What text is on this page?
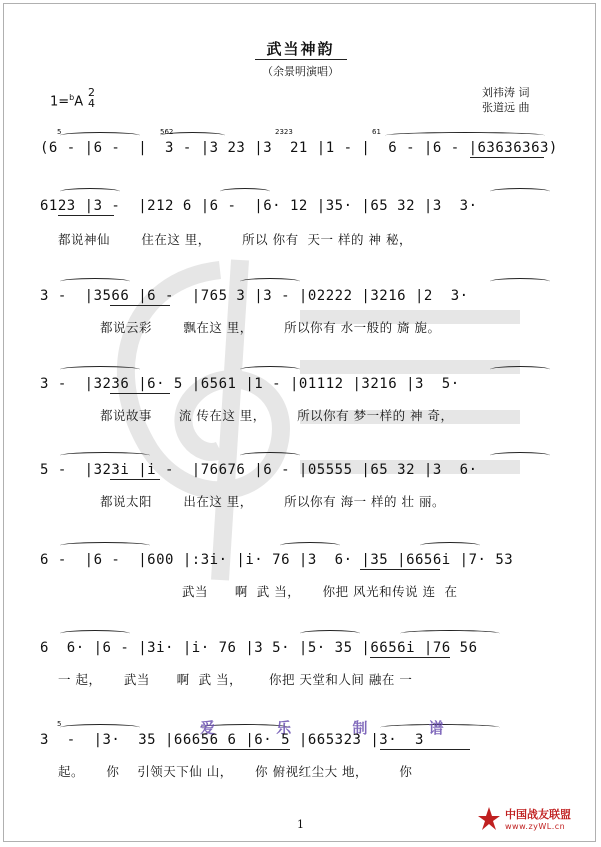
武当神韵
（余景明演唱）
1=$^b$A
2
4
刘祎涛 词
张道远 曲
5	562	2323	61
(6 - |6 -  |  3 - |3 23 |3  21 |1 - |  6 - |6 - |63636363)
6123 |3 -  |212 6 |6 -  |6· 12 |35· |65 32 |3  3·
都说神仙       住在这 里，       所以 你有  天一 样的 神 秘，
3 -  |3566 |6 -  |765 3 |3 - |02222 |3216 |2  3·
都说云彩       飘在这 里，       所以你有 水一般的 旖 旎。
3 -  |3236 |6· 5 |6561 |1 - |01112 |3216 |3  5·
都说故事      流 传在这 里，       所以你有 梦一样的 神 奇，
5 -  |323i |i -  |76676 |6 - |05555 |65 32 |3  6·
都说太阳       出在这 里，       所以你有 海一 样的 壮 丽。
6 -  |6 -  |600 |:3i· |i· 76 |3  6· |35 |6656i |7· 53
武当      啊  武 当，     你把 风光和传说 连  在
6  6· |6 - |3i· |i· 76 |3 5· |5· 35 |6656i |76 56
一 起，     武当      啊  武 当，      你把 天堂和人间 融在 一
5	爱 乐 制 谱
3  -  |3·  35 |66656 6 |6· 5 |665323 |3·  3
起。     你    引领天下仙 山，     你 俯视红尘大 地，       你
1
中国战友联盟
www.zyWL.cn
